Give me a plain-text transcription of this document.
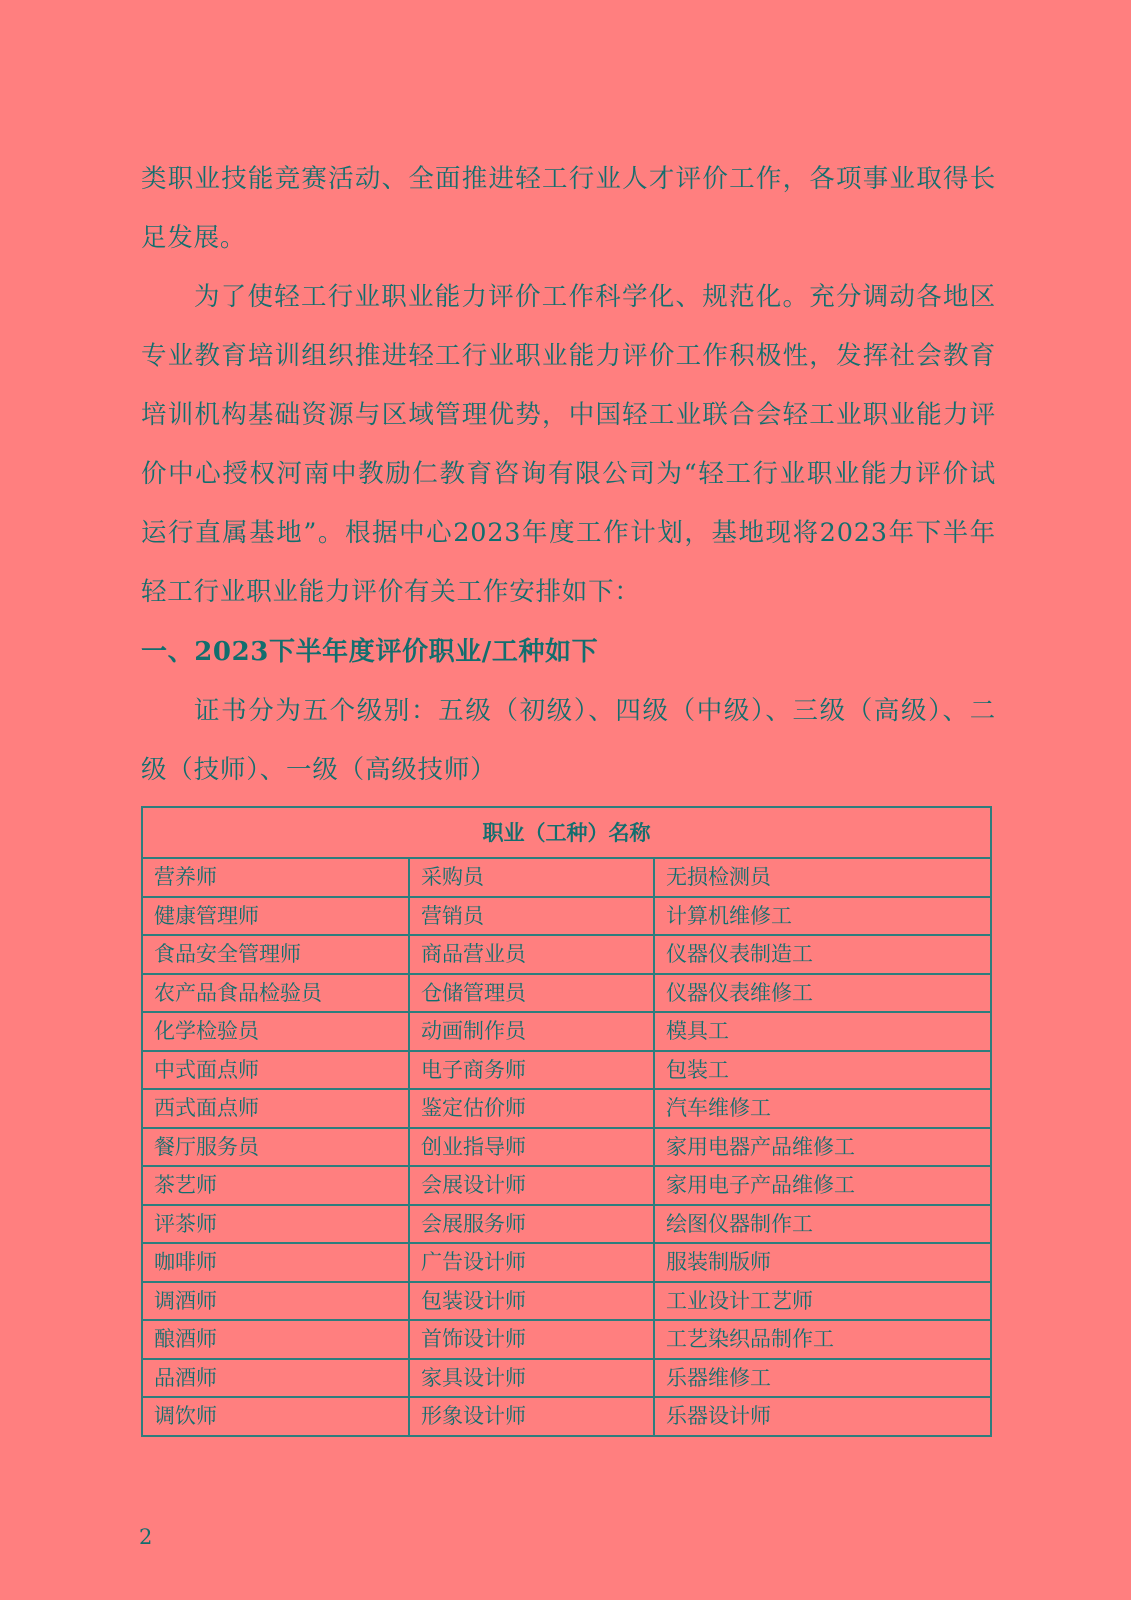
类职业技能竞赛活动、全面推进轻工行业人才评价工作，各项事业取得长足发展。

为了使轻工行业职业能力评价工作科学化、规范化。充分调动各地区专业教育培训组织推进轻工行业职业能力评价工作积极性，发挥社会教育培训机构基础资源与区域管理优势，中国轻工业联合会轻工业职业能力评价中心授权河南中教励仁教育咨询有限公司为“轻工行业职业能力评价试运行直属基地”。根据中心2023年度工作计划，基地现将2023年下半年轻工行业职业能力评价有关工作安排如下：

一、2023下半年度评价职业/工种如下

证书分为五个级别：五级（初级）、四级（中级）、三级（高级）、二级（技师）、一级（高级技师）

职业（工种）名称		
营养师	采购员	无损检测员
健康管理师	营销员	计算机维修工
食品安全管理师	商品营业员	仪器仪表制造工
农产品食品检验员	仓储管理员	仪器仪表维修工
化学检验员	动画制作员	模具工
中式面点师	电子商务师	包装工
西式面点师	鉴定估价师	汽车维修工
餐厅服务员	创业指导师	家用电器产品维修工
茶艺师	会展设计师	家用电子产品维修工
评茶师	会展服务师	绘图仪器制作工
咖啡师	广告设计师	服装制版师
调酒师	包装设计师	工业设计工艺师
酿酒师	首饰设计师	工艺染织品制作工
品酒师	家具设计师	乐器维修工
调饮师	形象设计师	乐器设计师
2
